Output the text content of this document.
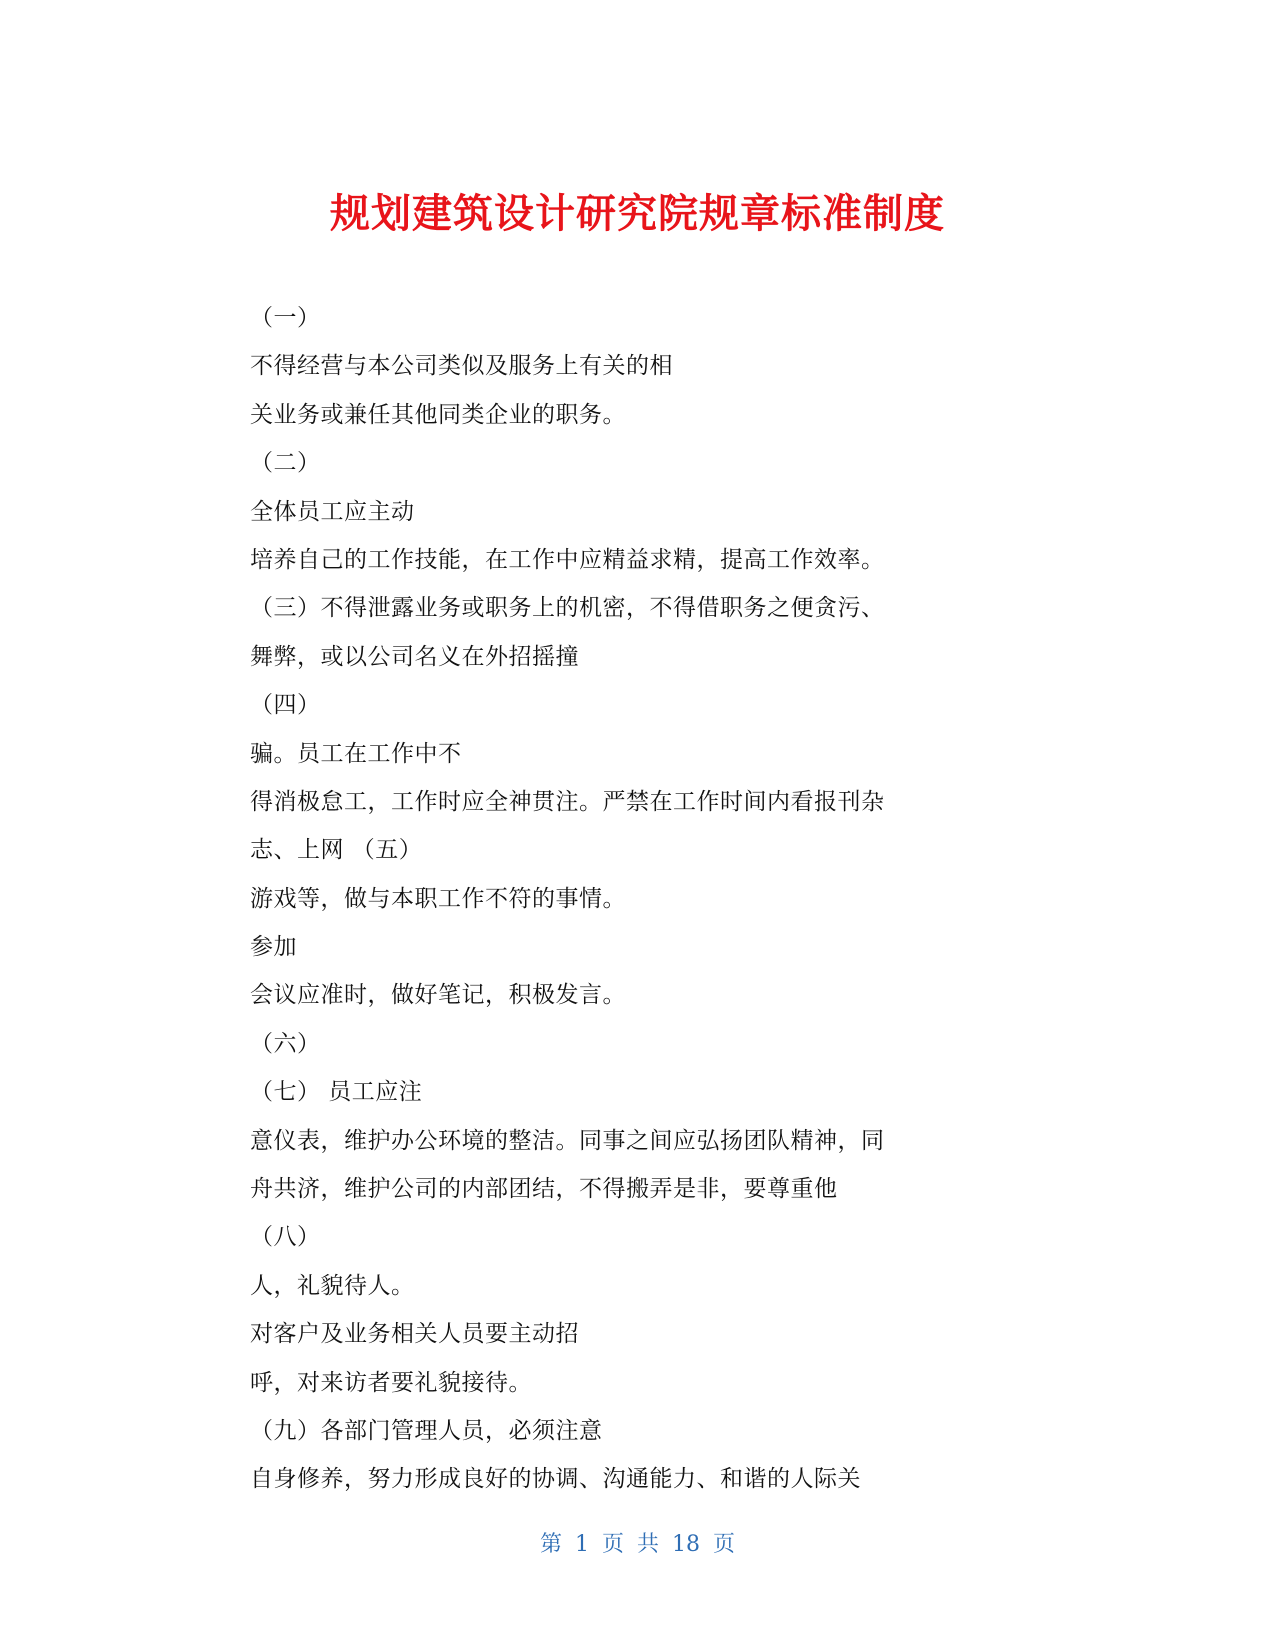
规划建筑设计研究院规章标准制度
（一）
不得经营与本公司类似及服务上有关的相
关业务或兼任其他同类企业的职务。
（二）
全体员工应主动
培养自己的工作技能，在工作中应精益求精，提高工作效率。
（三）不得泄露业务或职务上的机密，不得借职务之便贪污、
舞弊，或以公司名义在外招摇撞
（四）
骗。员工在工作中不
得消极怠工，工作时应全神贯注。严禁在工作时间内看报刊杂
志、上网 （五）
游戏等，做与本职工作不符的事情。
参加
会议应准时，做好笔记，积极发言。
（六）
（七） 员工应注
意仪表，维护办公环境的整洁。同事之间应弘扬团队精神，同
舟共济，维护公司的内部团结，不得搬弄是非，要尊重他
（八）
人，礼貌待人。
对客户及业务相关人员要主动招
呼，对来访者要礼貌接待。
（九）各部门管理人员，必须注意
自身修养，努力形成良好的协调、沟通能力、和谐的人际关
第 1 页 共 18 页
